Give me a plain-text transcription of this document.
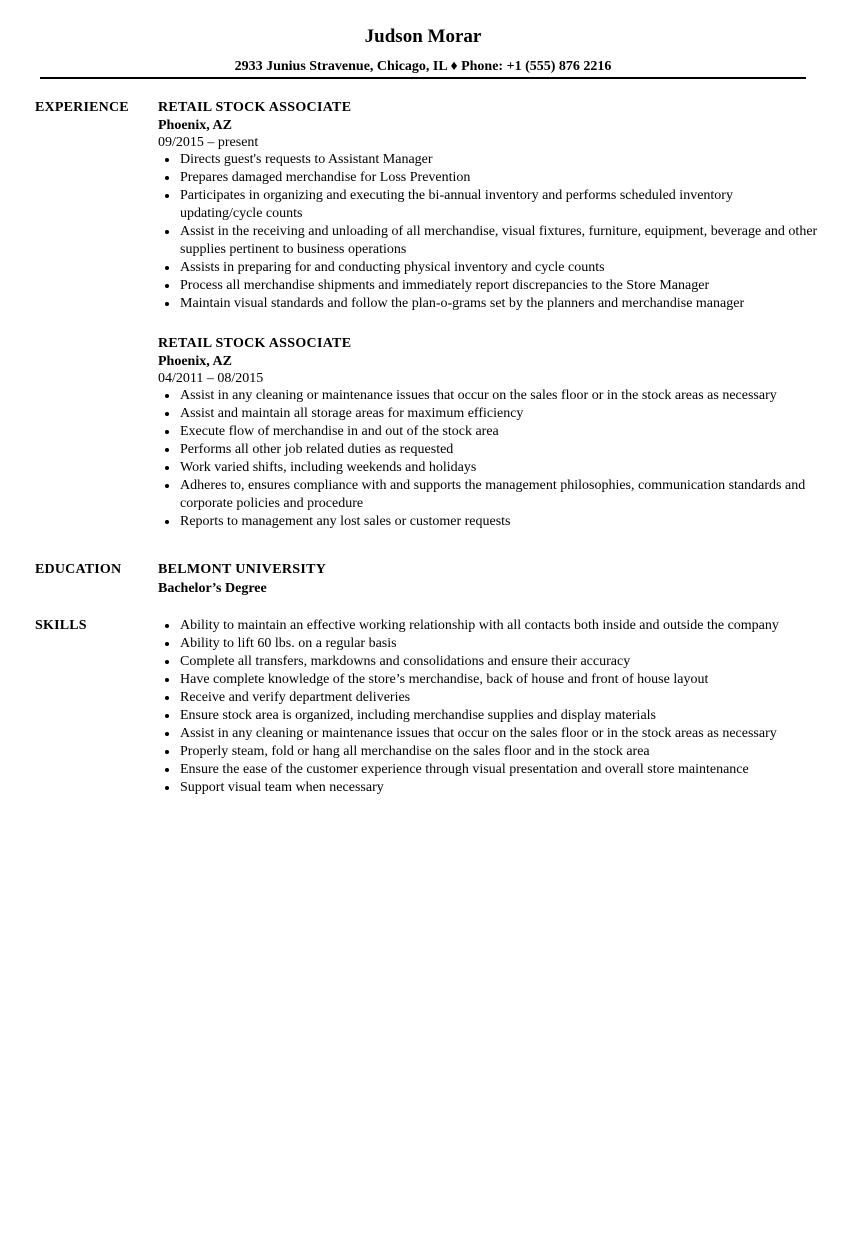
Judson Morar
2933 Junius Stravenue, Chicago, IL ♦ Phone: +1 (555) 876 2216
EXPERIENCE RETAIL STOCK ASSOCIATE
Phoenix, AZ
09/2015 – present
Directs guest's requests to Assistant Manager
Prepares damaged merchandise for Loss Prevention
Participates in organizing and executing the bi-annual inventory and performs scheduled inventory updating/cycle counts
Assist in the receiving and unloading of all merchandise, visual fixtures, furniture, equipment, beverage and other supplies pertinent to business operations
Assists in preparing for and conducting physical inventory and cycle counts
Process all merchandise shipments and immediately report discrepancies to the Store Manager
Maintain visual standards and follow the plan-o-grams set by the planners and merchandise manager
RETAIL STOCK ASSOCIATE
Phoenix, AZ
04/2011 – 08/2015
Assist in any cleaning or maintenance issues that occur on the sales floor or in the stock areas as necessary
Assist and maintain all storage areas for maximum efficiency
Execute flow of merchandise in and out of the stock area
Performs all other job related duties as requested
Work varied shifts, including weekends and holidays
Adheres to, ensures compliance with and supports the management philosophies, communication standards and corporate policies and procedure
Reports to management any lost sales or customer requests
EDUCATION	BELMONT UNIVERSITY
Bachelor’s Degree
SKILLS	Ability to maintain an effective working relationship with all contacts both inside and outside the company
Ability to lift 60 lbs. on a regular basis
Complete all transfers, markdowns and consolidations and ensure their accuracy
Have complete knowledge of the store’s merchandise, back of house and front of house layout
Receive and verify department deliveries
Ensure stock area is organized, including merchandise supplies and display materials
Assist in any cleaning or maintenance issues that occur on the sales floor or in the stock areas as necessary
Properly steam, fold or hang all merchandise on the sales floor and in the stock area
Ensure the ease of the customer experience through visual presentation and overall store maintenance
Support visual team when necessary
